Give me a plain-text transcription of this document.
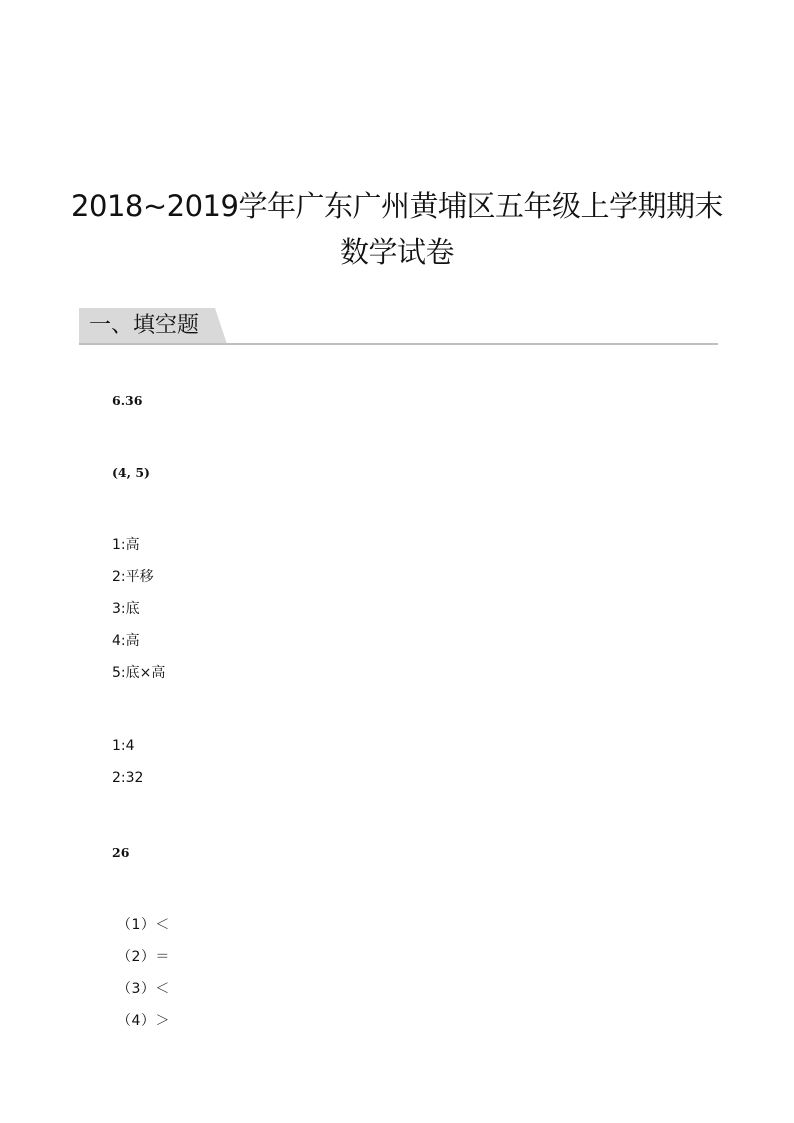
2018~2019学年广东广州黄埔区五年级上学期期末
数学试卷
一、填空题
6.36
(4, 5)
1:高
2:平移
3:底
4:高
5:底×高
1:4
2:32
26
（1）＜
（2）＝
（3）＜
（4）＞
